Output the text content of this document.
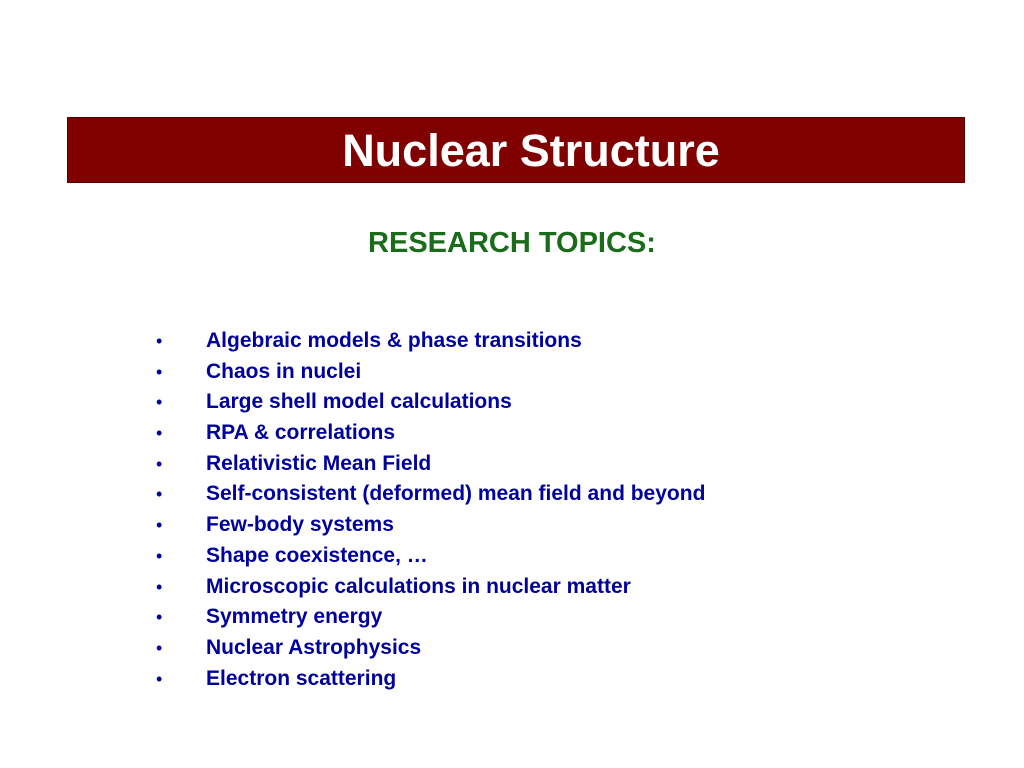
Nuclear Structure
RESEARCH TOPICS:
•	Algebraic models & phase transitions
•	Chaos in nuclei
•	Large shell model calculations
•	RPA & correlations
•	Relativistic Mean Field
•	Self-consistent (deformed) mean field and beyond
•	Few-body systems
•	Shape coexistence, …
•	Microscopic calculations in nuclear matter
•	Symmetry energy
•	Nuclear Astrophysics
•	Electron scattering
